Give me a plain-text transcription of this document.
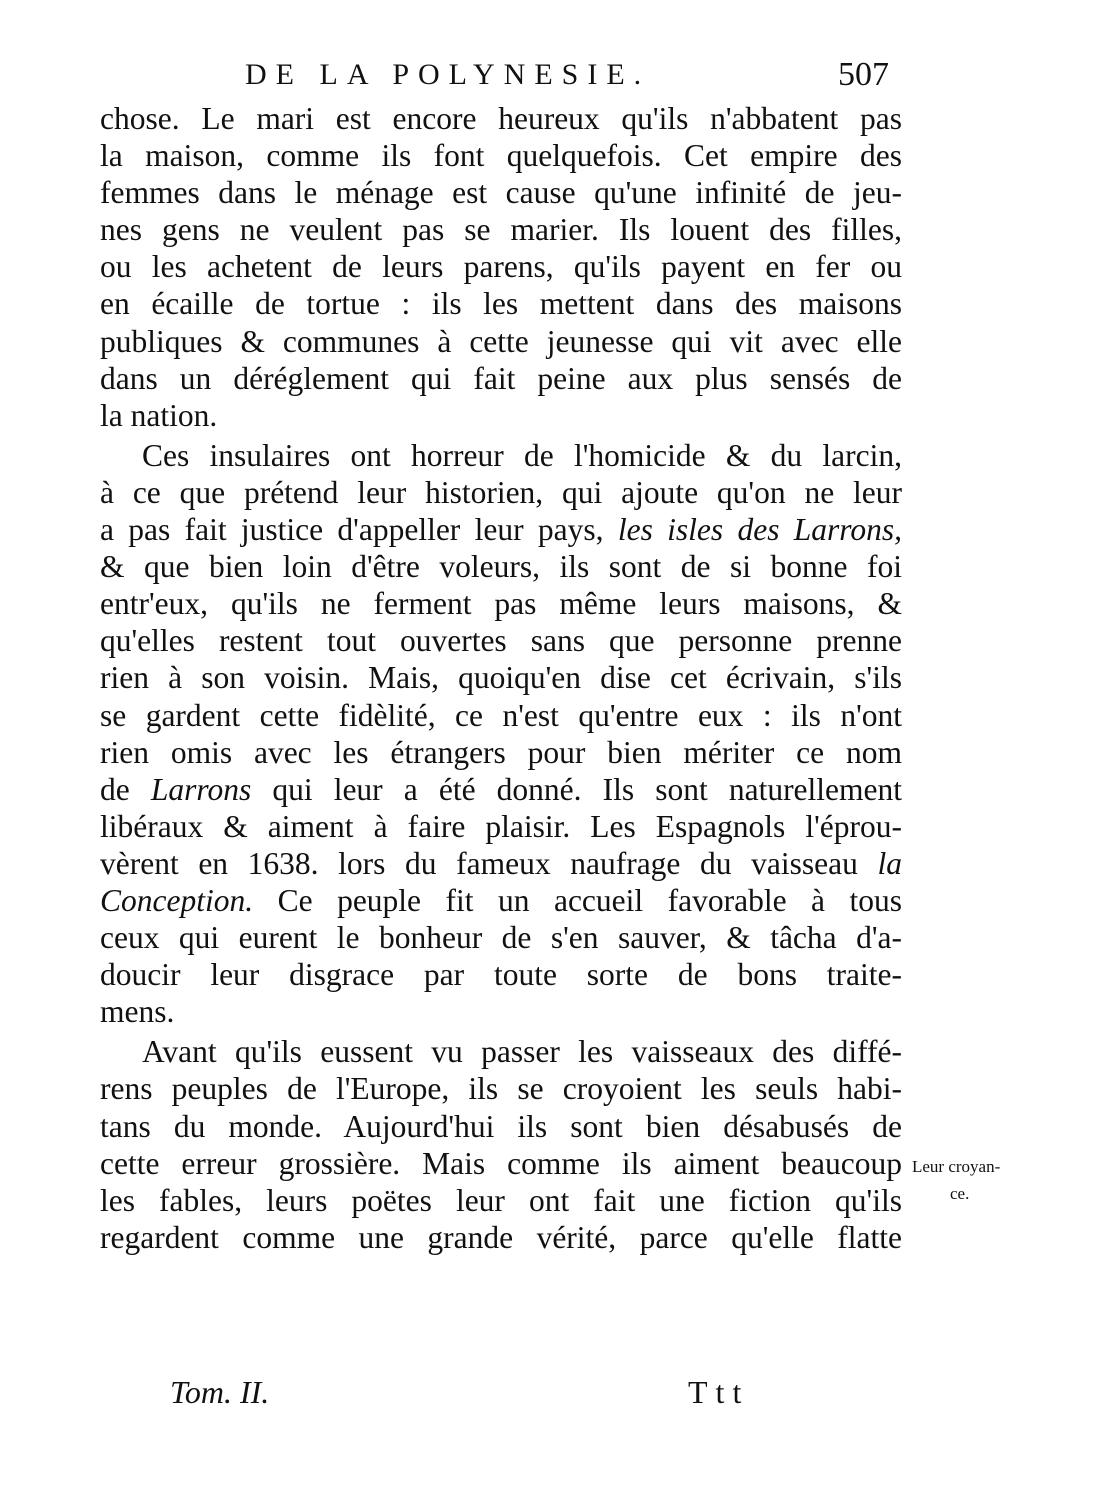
DE LA POLYNESIE.	507
chose. Le mari est encore heureux qu'ils n'abbatent pas
la maison, comme ils font quelquefois. Cet empire des
femmes dans le ménage est cause qu'une infinité de jeu-
nes gens ne veulent pas se marier. Ils louent des filles,
ou les achetent de leurs parens, qu'ils payent en fer ou
en écaille de tortue : ils les mettent dans des maisons
publiques & communes à cette jeunesse qui vit avec elle
dans un déréglement qui fait peine aux plus sensés de
la nation.
Ces insulaires ont horreur de l'homicide & du larcin,
à ce que prétend leur historien, qui ajoute qu'on ne leur
a pas fait justice d'appeller leur pays, les isles des Larrons,
& que bien loin d'être voleurs, ils sont de si bonne foi
entr'eux, qu'ils ne ferment pas même leurs maisons, &
qu'elles restent tout ouvertes sans que personne prenne
rien à son voisin. Mais, quoiqu'en dise cet écrivain, s'ils
se gardent cette fidèlité, ce n'est qu'entre eux : ils n'ont
rien omis avec les étrangers pour bien mériter ce nom
de Larrons qui leur a été donné. Ils sont naturellement
libéraux & aiment à faire plaisir. Les Espagnols l'éprou-
vèrent en 1638. lors du fameux naufrage du vaisseau la
Conception. Ce peuple fit un accueil favorable à tous
ceux qui eurent le bonheur de s'en sauver, & tâcha d'a-
doucir leur disgrace par toute sorte de bons traite-
mens.
Avant qu'ils eussent vu passer les vaisseaux des diffé-
rens peuples de l'Europe, ils se croyoient les seuls habi-
tans du monde. Aujourd'hui ils sont bien désabusés de
cette erreur grossière. Mais comme ils aiment beaucoup
les fables, leurs poëtes leur ont fait une fiction qu'ils
regardent comme une grande vérité, parce qu'elle flatte
Leur croyan-
ce.
Tom. II.	Ttt
